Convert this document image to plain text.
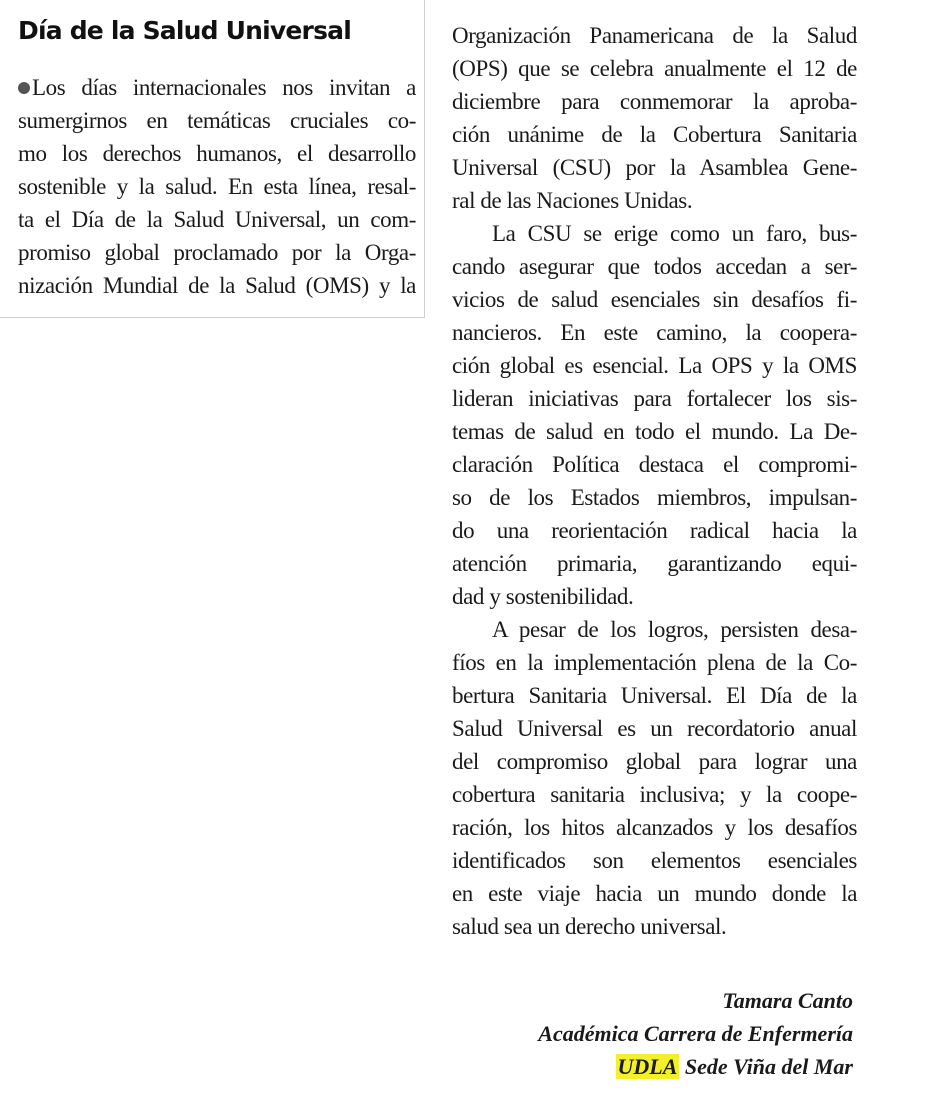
Día de la Salud Universal
Los días internacionales nos invitan a
sumergirnos en temáticas cruciales co-
mo los derechos humanos, el desarrollo
sostenible y la salud. En esta línea, resal-
ta el Día de la Salud Universal, un com-
promiso global proclamado por la Orga-
nización Mundial de la Salud (OMS) y la
Organización Panamericana de la Salud
(OPS) que se celebra anualmente el 12 de
diciembre para conmemorar la aproba-
ción unánime de la Cobertura Sanitaria
Universal (CSU) por la Asamblea Gene-
ral de las Naciones Unidas.
La CSU se erige como un faro, bus-
cando asegurar que todos accedan a ser-
vicios de salud esenciales sin desafíos fi-
nancieros. En este camino, la coopera-
ción global es esencial. La OPS y la OMS
lideran iniciativas para fortalecer los sis-
temas de salud en todo el mundo. La De-
claración Política destaca el compromi-
so de los Estados miembros, impulsan-
do una reorientación radical hacia la
atención primaria, garantizando equi-
dad y sostenibilidad.
A pesar de los logros, persisten desa-
fíos en la implementación plena de la Co-
bertura Sanitaria Universal. El Día de la
Salud Universal es un recordatorio anual
del compromiso global para lograr una
cobertura sanitaria inclusiva; y la coope-
ración, los hitos alcanzados y los desafíos
identificados son elementos esenciales
en este viaje hacia un mundo donde la
salud sea un derecho universal.
Tamara Canto
Académica Carrera de Enfermería
UDLA Sede Viña del Mar
